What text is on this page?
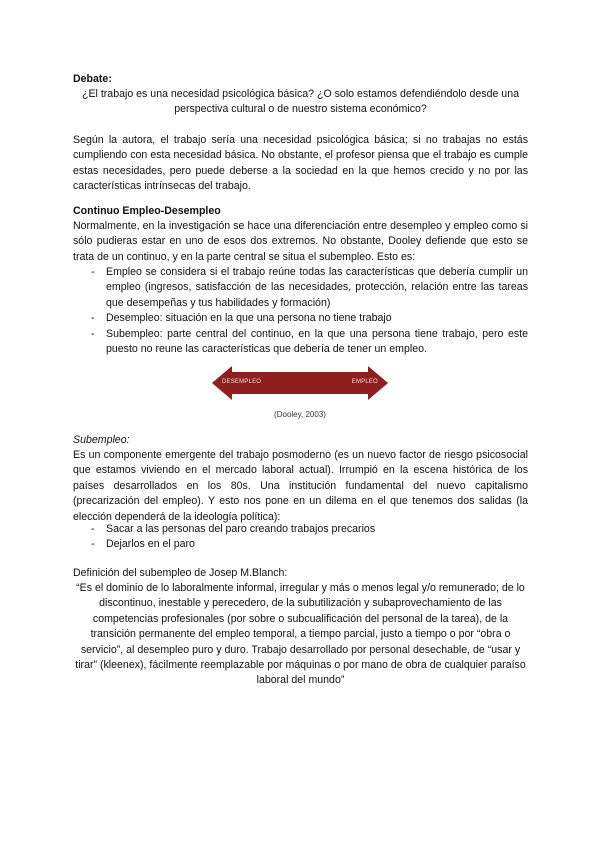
Debate:
¿El trabajo es una necesidad psicológica básica? ¿O solo estamos defendiéndolo desde una perspectiva cultural o de nuestro sistema económico?
Según la autora, el trabajo sería una necesidad psicológica básica; si no trabajas no estás cumpliendo con esta necesidad básica. No obstante, el profesor piensa que el trabajo es cumple estas necesidades, pero puede deberse a la sociedad en la que hemos crecido y no por las características intrínsecas del trabajo.
Continuo Empleo-Desempleo
Normalmente, en la investigación se hace una diferenciación entre desempleo y empleo como si sólo pudieras estar en uno de esos dos extremos. No obstante, Dooley defiende que esto se trata de un continuo, y en la parte central se situa el subempleo. Esto es:
- Empleo se considera si el trabajo reúne todas las características que debería cumplir un empleo (ingresos, satisfacción de las necesidades, protección, relación entre las tareas que desempeñas y tus habilidades y formación)
- Desempleo: situación en la que una persona no tiene trabajo
- Subempleo: parte central del continuo, en la que una persona tiene trabajo, pero este puesto no reune las características que debería de tener un empleo.
DESEMPLEO	EMPLEO
(Dooley, 2003)
Subempleo:
Es un componente emergente del trabajo posmoderno (es un nuevo factor de riesgo psicosocial que estamos viviendo en el mercado laboral actual). Irrumpió en la escena histórica de los países desarrollados en los 80s. Una institución fundamental del nuevo capitalismo (precarización del empleo). Y esto nos pone en un dilema en el que tenemos dos salidas (la elección dependerá de la ideología política):
- Sacar a las personas del paro creando trabajos precarios
- Dejarlos en el paro
Definición del subempleo de Josep M.Blanch:
“Es el dominio de lo laboralmente informal, irregular y más o menos legal y/o remunerado; de lo discontinuo, inestable y perecedero, de la subutilización y subaprovechamiento de las competencias profesionales (por sobre o subcualificación del personal de la tarea), de la transición permanente del empleo temporal, a tiempo parcial, justo a tiempo o por “obra o servicio”, al desempleo puro y duro. Trabajo desarrollado por personal desechable, de “usar y tirar” (kleenex), fácilmente reemplazable por máquinas o por mano de obra de cualquier paraíso laboral del mundo”
